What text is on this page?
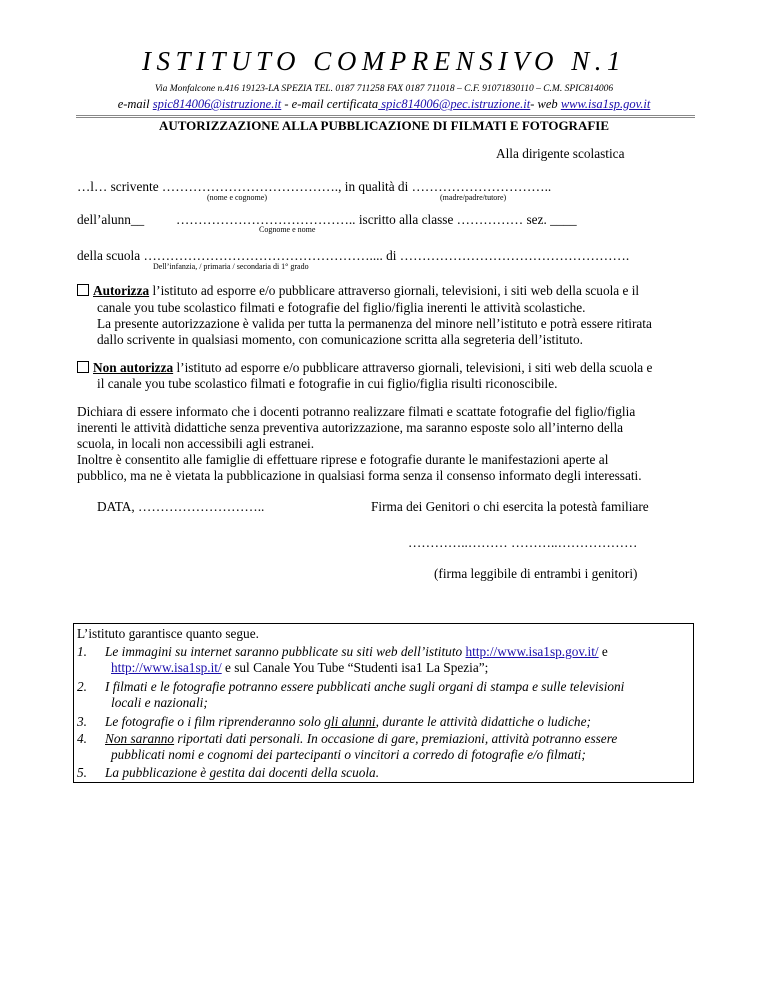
ISTITUTO COMPRENSIVO N.1
Via Monfalcone n.416 19123-LA SPEZIA TEL. 0187 711258 FAX 0187 711018 – C.F. 91071830110 – C.M. SPIC814006
e-mail spic814006@istruzione.it - e-mail certificata spic814006@pec.istruzione.it- web www.isa1sp.gov.it
AUTORIZZAZIONE ALLA PUBBLICAZIONE DI FILMATI E FOTOGRAFIE
Alla dirigente scolastica
…l… scrivente …………………………………., in qualità di …………………………..
(nome e cognome)	(madre/padre/tutore)
dell’alunn__ ………………………………….. iscritto alla classe …………… sez. ____
Cognome e nome
della scuola …………………………………………….... di …………………………………………….
Dell’infanzia, / primaria / secondaria di 1° grado
Autorizza l’istituto ad esporre e/o pubblicare attraverso giornali, televisioni, i siti web della scuola e il
canale you tube scolastico filmati e fotografie del figlio/figlia inerenti le attività scolastiche.
La presente autorizzazione è valida per tutta la permanenza del minore nell’istituto e potrà essere ritirata
dallo scrivente in qualsiasi momento, con comunicazione scritta alla segreteria dell’istituto.
Non autorizza l’istituto ad esporre e/o pubblicare attraverso giornali, televisioni, i siti web della scuola e
il canale you tube scolastico filmati e fotografie in cui figlio/figlia risulti riconoscibile.
Dichiara di essere informato che i docenti potranno realizzare filmati e scattate fotografie del figlio/figlia
inerenti le attività didattiche senza preventiva autorizzazione, ma saranno esposte solo all’interno della
scuola, in locali non accessibili agli estranei.
Inoltre è consentito alle famiglie di effettuare riprese e fotografie durante le manifestazioni aperte al
pubblico, ma ne è vietata la pubblicazione in qualsiasi forma senza il consenso informato degli interessati.
DATA, ………………………..	Firma dei Genitori o chi esercita la potestà familiare
…………..……… ………..………………
(firma leggibile di entrambi i genitori)
L’istituto garantisce quanto segue.
1. Le immagini su internet saranno pubblicate su siti web dell’istituto http://www.isa1sp.gov.it/ e
http://www.isa1sp.it/ e sul Canale You Tube “Studenti isa1 La Spezia”;
2. I filmati e le fotografie potranno essere pubblicati anche sugli organi di stampa e sulle televisioni
locali e nazionali;
3. Le fotografie o i film riprenderanno solo gli alunni, durante le attività didattiche o ludiche;
4. Non saranno riportati dati personali. In occasione di gare, premiazioni, attività potranno essere
pubblicati nomi e cognomi dei partecipanti o vincitori a corredo di fotografie e/o filmati;
5. La pubblicazione è gestita dai docenti della scuola.
